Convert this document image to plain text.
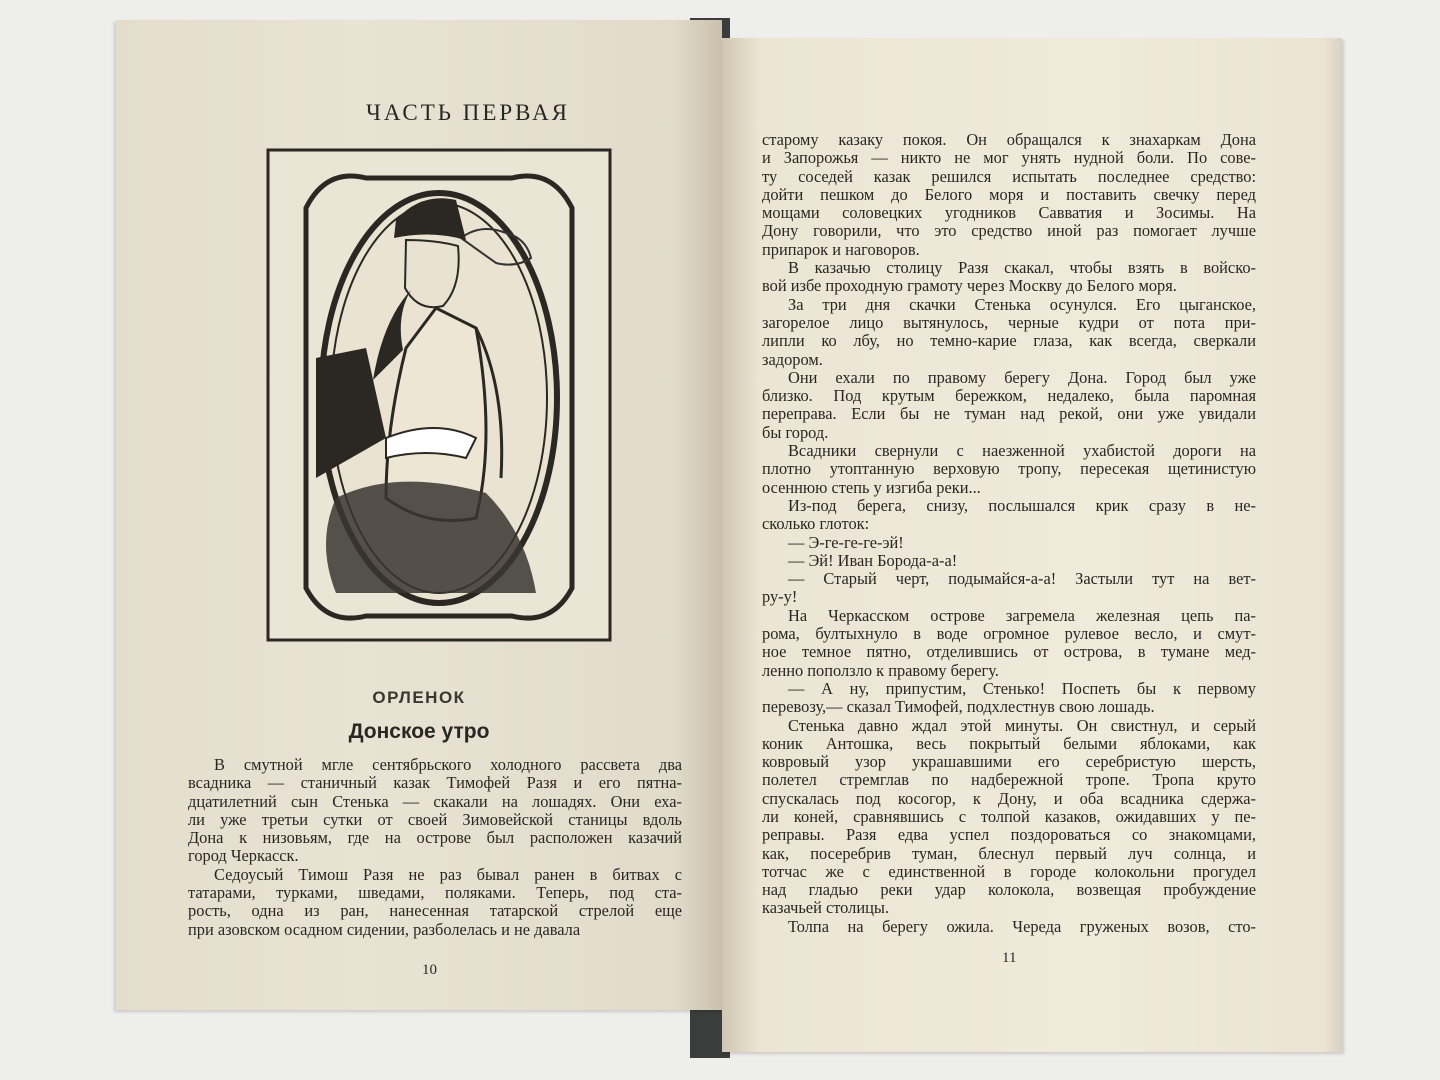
ЧАСТЬ ПЕРВАЯ
ОРЛЕНОК
Донское утро
В смутной мгле сентябрьского холодного рассвета два
всадника — станичный казак Тимофей Разя и его пятна-
дцатилетний сын Стенька — скакали на лошадях. Они еха-
ли уже третьи сутки от своей Зимовейской станицы вдоль
Дона к низовьям, где на острове был расположен казачий
город Черкасск.
Седоусый Тимош Разя не раз бывал ранен в битвах с
татарами, турками, шведами, поляками. Теперь, под ста-
рость, одна из ран, нанесенная татарской стрелой еще
при азовском осадном сидении, разболелась и не давала
10
старому казаку покоя. Он обращался к знахаркам Дона
и Запорожья — никто не мог унять нудной боли. По сове-
ту соседей казак решился испытать последнее средство:
дойти пешком до Белого моря и поставить свечку перед
мощами соловецких угодников Савватия и Зосимы. На
Дону говорили, что это средство иной раз помогает лучше
припарок и наговоров.
В казачью столицу Разя скакал, чтобы взять в войско-
вой избе проходную грамоту через Москву до Белого моря.
За три дня скачки Стенька осунулся. Его цыганское,
загорелое лицо вытянулось, черные кудри от пота при-
липли ко лбу, но темно-карие глаза, как всегда, сверкали
задором.
Они ехали по правому берегу Дона. Город был уже
близко. Под крутым бережком, недалеко, была паромная
переправа. Если бы не туман над рекой, они уже увидали
бы город.
Всадники свернули с наезженной ухабистой дороги на
плотно утоптанную верховую тропу, пересекая щетинистую
осеннюю степь у изгиба реки...
Из-под берега, снизу, послышался крик сразу в не-
сколько глоток:
— Э-ге-ге-ге-эй!
— Эй! Иван Борода-а-а!
— Старый черт, подымайся-а-а! Застыли тут на вет-
ру-у!
На Черкасском острове загремела железная цепь па-
рома, бултыхнуло в воде огромное рулевое весло, и смут-
ное темное пятно, отделившись от острова, в тумане мед-
ленно поползло к правому берегу.
— А ну, припустим, Стенько! Поспеть бы к первому
перевозу,— сказал Тимофей, подхлестнув свою лошадь.
Стенька давно ждал этой минуты. Он свистнул, и серый
коник Антошка, весь покрытый белыми яблоками, как
ковровый узор украшавшими его серебристую шерсть,
полетел стремглав по надбережной тропе. Тропа круто
спускалась под косогор, к Дону, и оба всадника сдержа-
ли коней, сравнявшись с толпой казаков, ожидавших у пе-
реправы. Разя едва успел поздороваться со знакомцами,
как, посеребрив туман, блеснул первый луч солнца, и
тотчас же с единственной в городе колокольни прогудел
над гладью реки удар колокола, возвещая пробуждение
казачьей столицы.
Толпа на берегу ожила. Череда груженых возов, сто-
11
